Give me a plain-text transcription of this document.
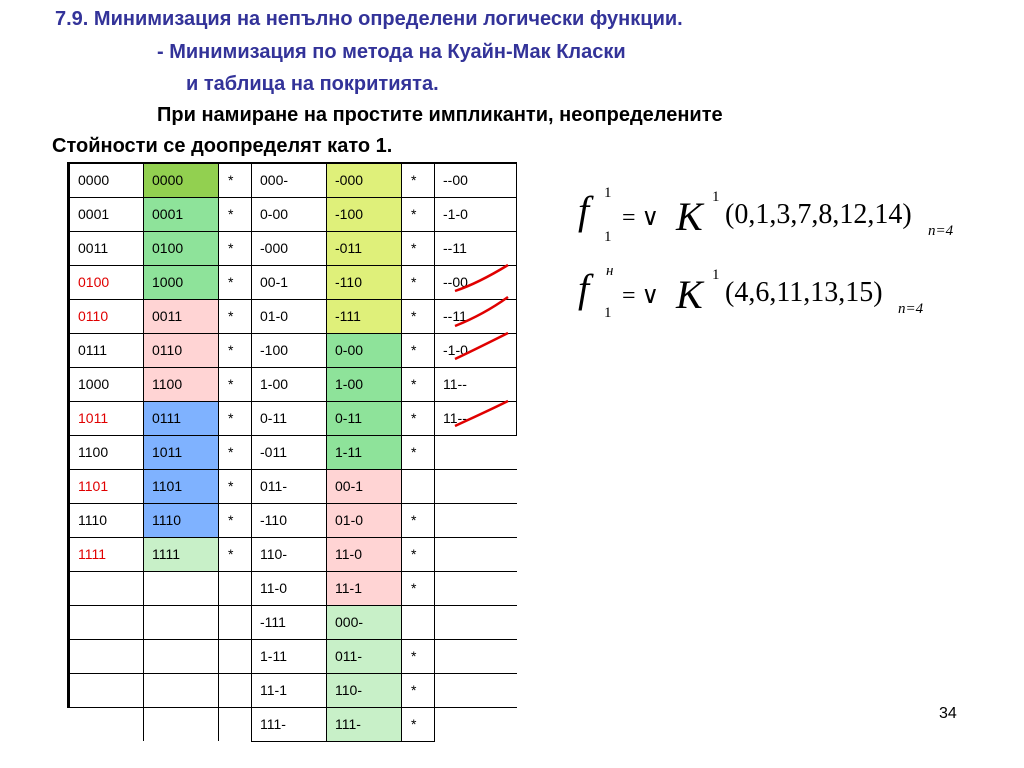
7.9. Минимизация на непълно определени логически функции.
- Минимизация по метода на Куайн-Мак Класки
и таблица на покритията.
При намиране на простите импликанти, неопределените
Стойности се доопределят като 1.
0000	0000	*	000-	-000	*	--00
0001	0001	*	0-00	-100	*	-1-0
0011	0100	*	-000	-011	*	--11
0100	1000	*	00-1	-110	*	--00
0110	0011	*	01-0	-111	*	--11
0111	0110	*	-100	0-00	*	-1-0
1000	1100	*	1-00	1-00	*	11--
1011	0111	*	0-11	0-11	*	11--
1100	1011	*	-011	1-11	*	
1101	1101	*	011-	00-1		
1110	1110	*	-110	01-0	*	
1111	1111	*	110-	11-0	*	
			11-0	11-1	*	
			-111	000-		
			1-11	011-	*	
			11-1	110-	*	
			111-	111-	*	
f 1
1
= ∨ K 1
(0,1,3,7,8,12,14)
n=4
f н
1
= ∨ K 1
(4,6,11,13,15)
n=4
34
